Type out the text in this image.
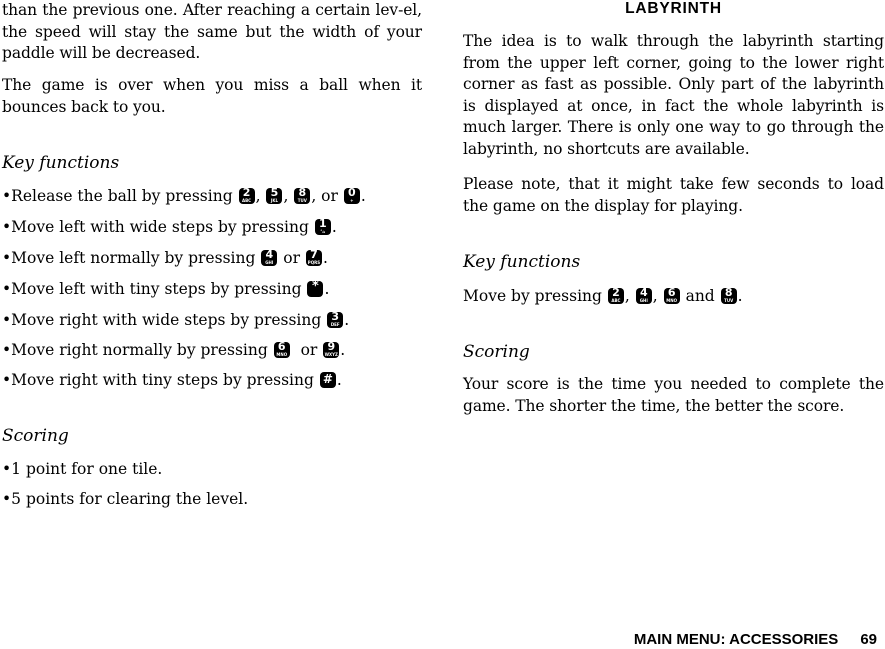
than the previous one. After reaching a certain lev-el, the speed will stay the same but the width of your paddle will be decreased.

The game is over when you miss a ball when it bounces back to you.

Key functions
•Release the ball by pressing 2
ABC , 5
JKL , 8
TUV , or 0
+ .
•Move left with wide steps by pressing 1
°⌂ .
•Move left normally by pressing 4
GHI or 7
PQRS .
•Move left with tiny steps by pressing * .
•Move right with wide steps by pressing 3
DEF .
•Move right normally by pressing 6
MNO or 9
WXYZ .
•Move right with tiny steps by pressing # .
Scoring
•1 point for one tile.
•5 points for clearing the level.
LABYRINTH

The idea is to walk through the labyrinth starting from the upper left corner, going to the lower right corner as fast as possible. Only part of the labyrinth is displayed at once, in fact the whole labyrinth is much larger. There is only one way to go through the labyrinth, no shortcuts are available.

Please note, that it might take few seconds to load the game on the display for playing.

Key functions
Move by pressing 2
ABC , 4
GHI , 6
MNO and 8
TUV .
Scoring

Your score is the time you needed to complete the game. The shorter the time, the better the score.

MAIN MENU: ACCESSORIES 69
